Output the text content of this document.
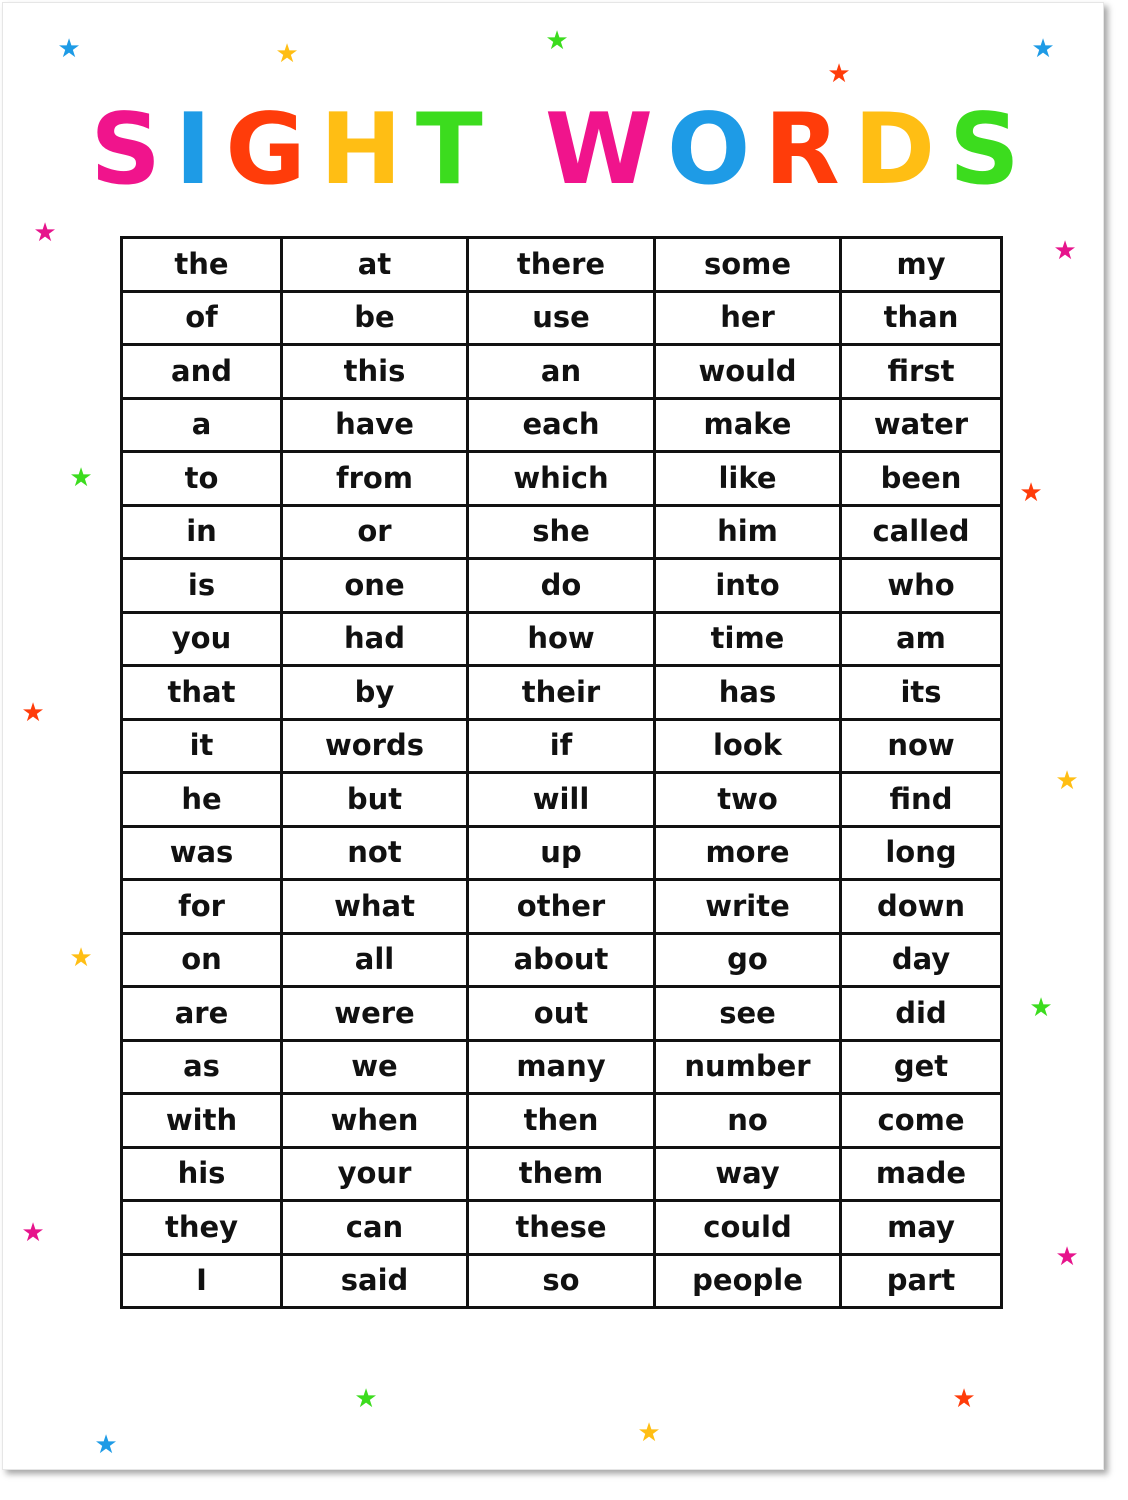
SIGHT WORDS
the	at	there	some	my
of	be	use	her	than
and	this	an	would	first
a	have	each	make	water
to	from	which	like	been
in	or	she	him	called
is	one	do	into	who
you	had	how	time	am
that	by	their	has	its
it	words	if	look	now
he	but	will	two	find
was	not	up	more	long
for	what	other	write	down
on	all	about	go	day
are	were	out	see	did
as	we	many	number	get
with	when	then	no	come
his	your	them	way	made
they	can	these	could	may
I	said	so	people	part
★	★	★
★
★
★
★
★	★
★
★
★
★
★
★
★	★
★	★
